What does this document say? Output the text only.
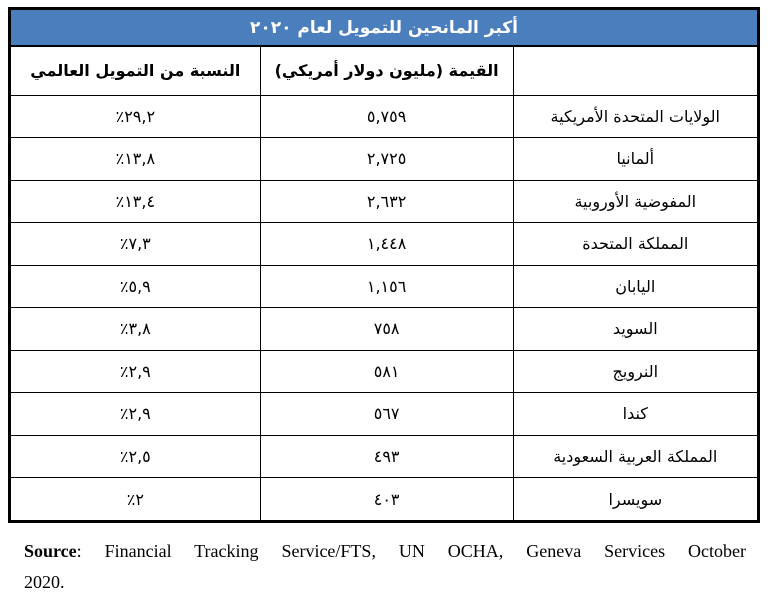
أكبر المانحين للتمويل لعام ٢٠٢٠
	القيمة (مليون دولار أمريكي)	النسبة من التمويل العالمي
الولايات المتحدة الأمريكية	٥,٧٥٩	٢٩,٢٪
ألمانيا	٢,٧٢٥	١٣,٨٪
المفوضية الأوروبية	٢,٦٣٢	١٣,٤٪
المملكة المتحدة	١,٤٤٨	٧,٣٪
اليابان	١,١٥٦	٥,٩٪
السويد	٧٥٨	٣,٨٪
النرويج	٥٨١	٢,٩٪
كندا	٥٦٧	٢,٩٪
المملكة العربية السعودية	٤٩٣	٢,٥٪
سويسرا	٤٠٣	٢٪

Source: Financial Tracking Service/FTS, UN OCHA, Geneva Services October
2020.
